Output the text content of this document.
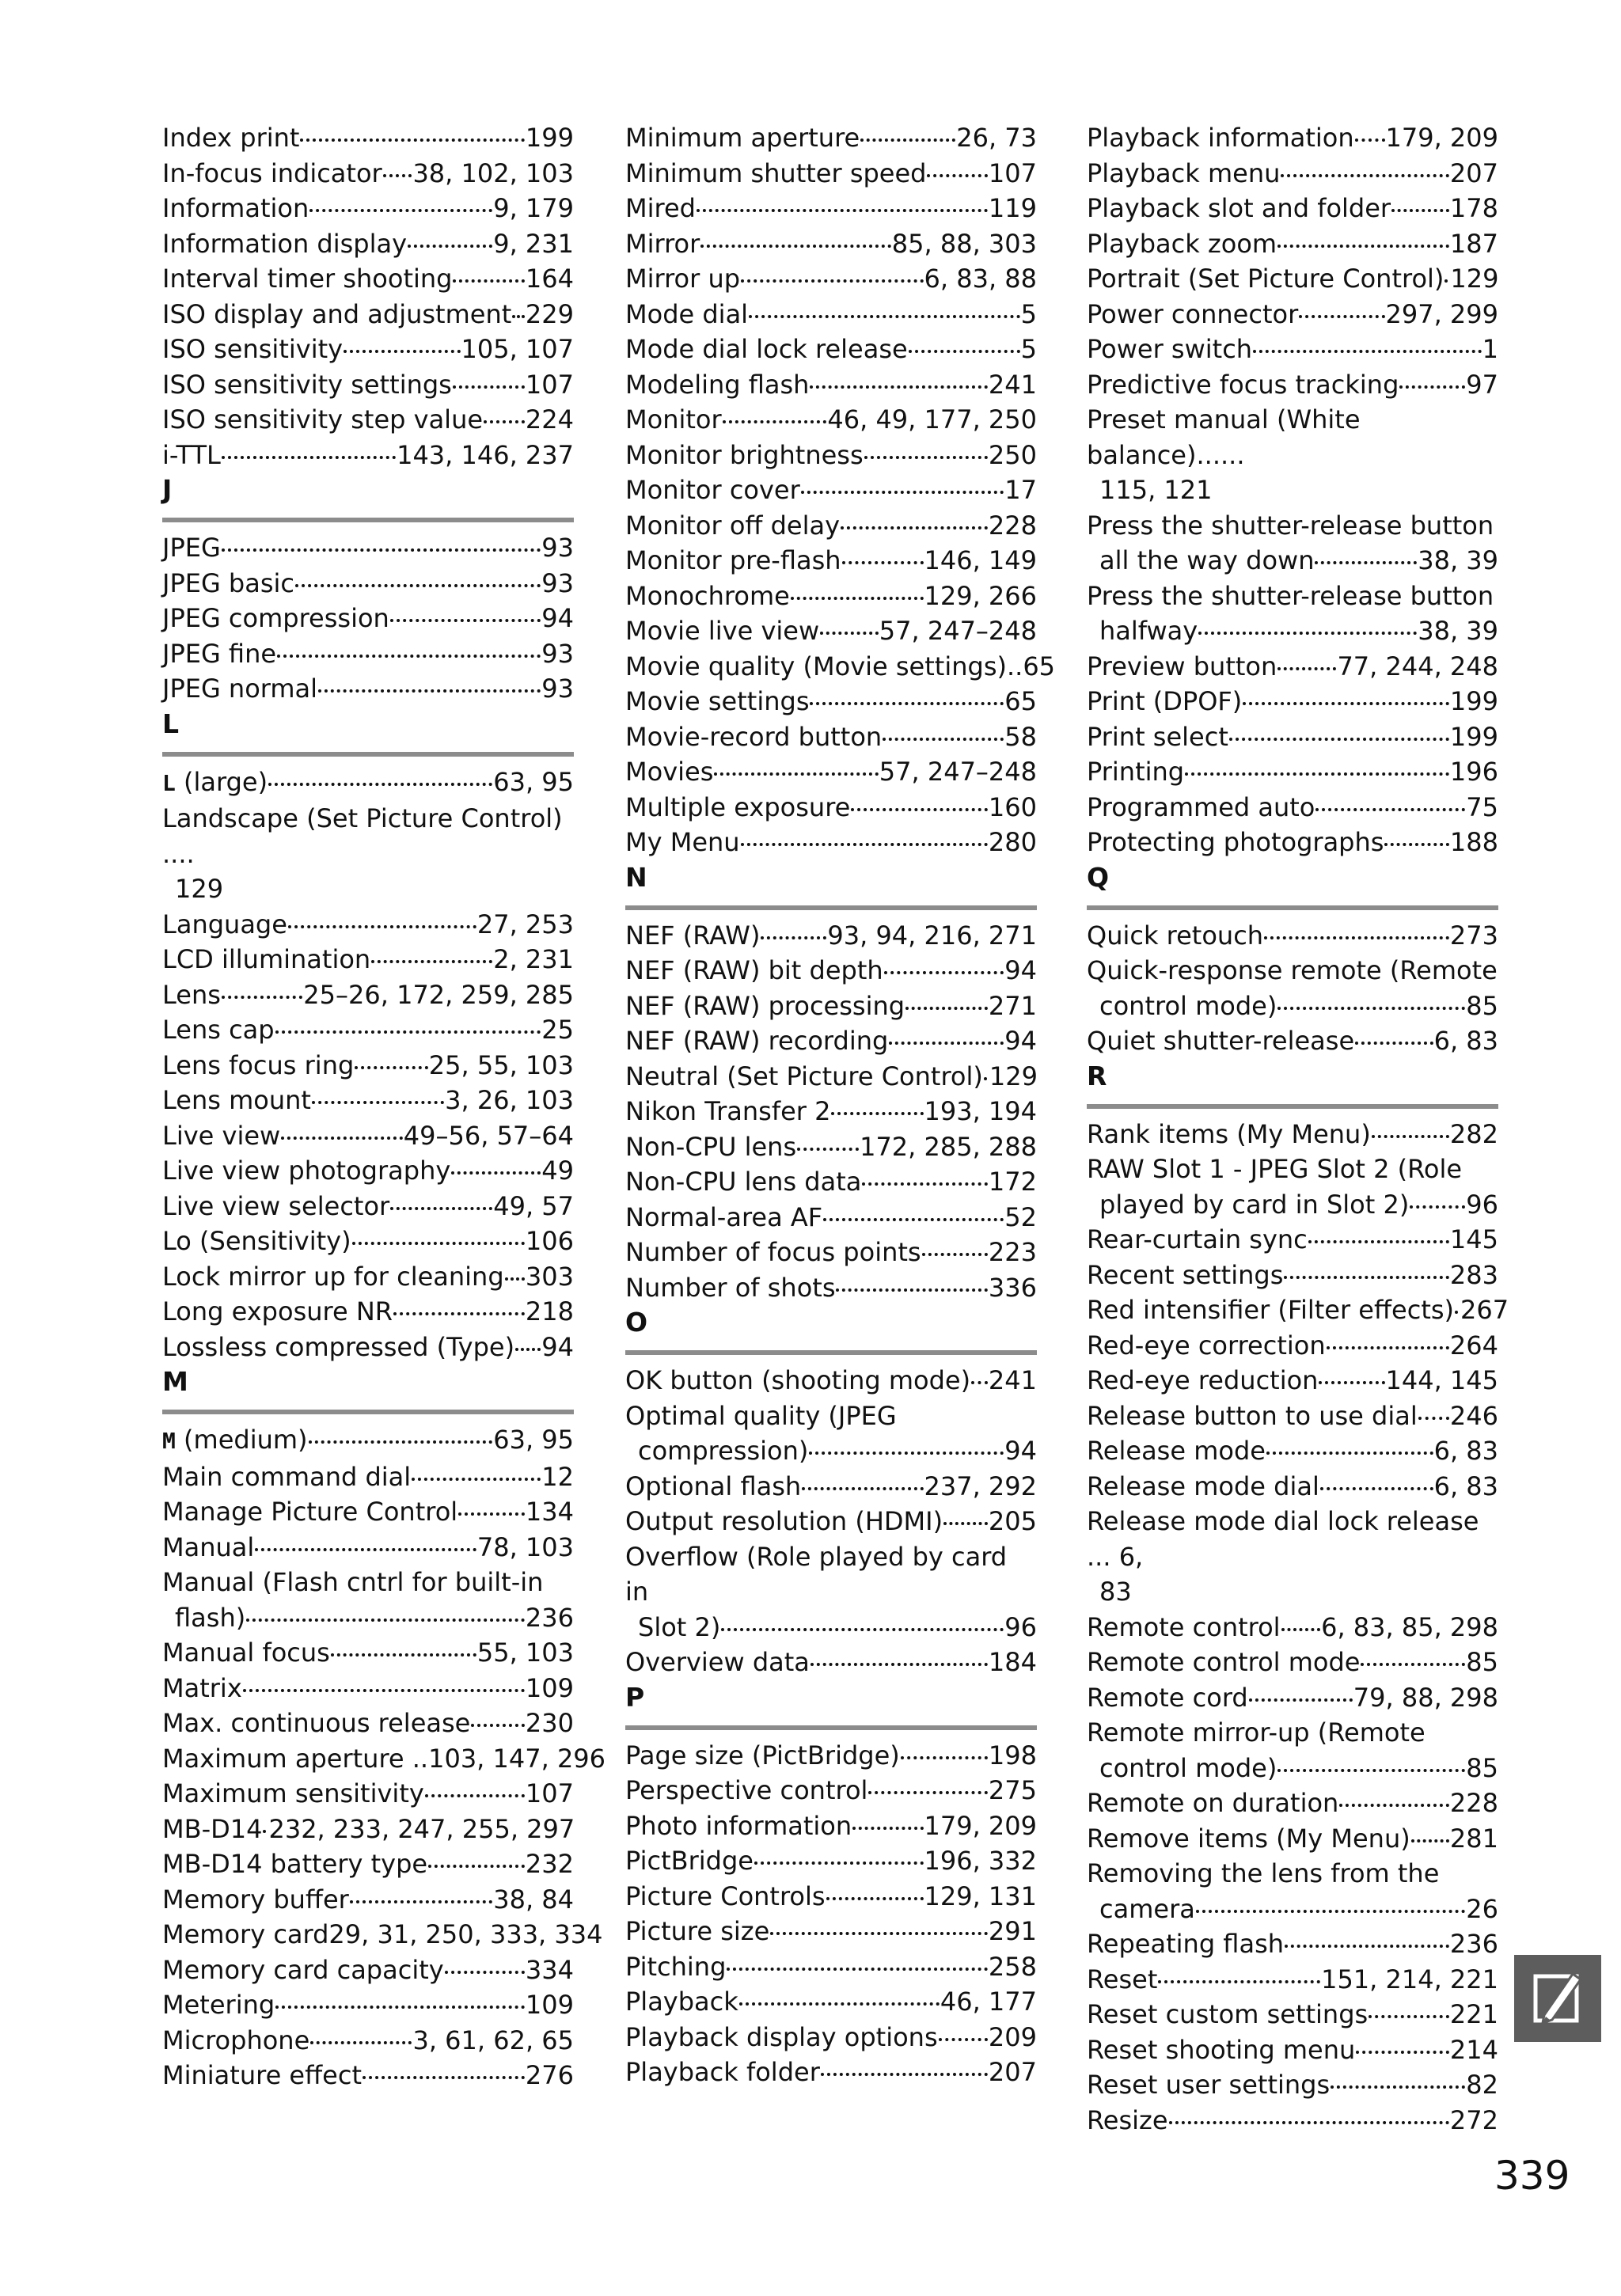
Index print	199
In-focus indicator 38, 102, 103
Information	9, 179
Information display	9, 231
Interval timer shooting	164
ISO display and adjustment 229
ISO sensitivity	105, 107
ISO sensitivity settings	107
ISO sensitivity step value 224
i-TTL	143, 146, 237
J
JPEG	93
JPEG basic	93
JPEG compression	94
JPEG fine	93
JPEG normal	93
L
L (large)	63, 95
Landscape (Set Picture Control) ....
129
Language	27, 253
LCD illumination	2, 231
Lens	25–26, 172, 259, 285
Lens cap	25
Lens focus ring	25, 55, 103
Lens mount	3, 26, 103
Live view	49–56, 57–64
Live view photography	49
Live view selector	49, 57
Lo (Sensitivity)	106
Lock mirror up for cleaning 303
Long exposure NR	218
Lossless compressed (Type) 94
M
M (medium)	63, 95
Main command dial	12
Manage Picture Control	134
Manual	78, 103
Manual (Flash cntrl for built-in
flash)	236
Manual focus	55, 103
Matrix	109
Max. continuous release 230
Maximum aperture .. 103, 147, 296
Maximum sensitivity	107
MB-D14 232, 233, 247, 255, 297
MB-D14 battery type	232
Memory buffer	38, 84
Memory card 29, 31, 250, 333, 334
Memory card capacity	334
Metering	109
Microphone	3, 61, 62, 65
Miniature effect	276
Minimum aperture	26, 73
Minimum shutter speed 107
Mired	119
Mirror	85, 88, 303
Mirror up	6, 83, 88
Mode dial	5
Mode dial lock release	5
Modeling flash	241
Monitor	46, 49, 177, 250
Monitor brightness	250
Monitor cover	17
Monitor off delay	228
Monitor pre-flash	146, 149
Monochrome	129, 266
Movie live view 57, 247–248
Movie quality (Movie settings).. 65
Movie settings	65
Movie-record button	58
Movies	57, 247–248
Multiple exposure	160
My Menu	280
N
NEF (RAW)	93, 94, 216, 271
NEF (RAW) bit depth	94
NEF (RAW) processing	271
NEF (RAW) recording	94
Neutral (Set Picture Control) 129
Nikon Transfer 2	193, 194
Non-CPU lens 172, 285, 288
Non-CPU lens data	172
Normal-area AF	52
Number of focus points	223
Number of shots	336
O
OK button (shooting mode) 241
Optimal quality (JPEG
compression)	94
Optional flash	237, 292
Output resolution (HDMI) 205
Overflow (Role played by card in
Slot 2)	96
Overview data	184
P
Page size (PictBridge)	198
Perspective control	275
Photo information	179, 209
PictBridge	196, 332
Picture Controls	129, 131
Picture size	291
Pitching	258
Playback	46, 177
Playback display options 209
Playback folder	207
Playback information 179, 209
Playback menu	207
Playback slot and folder 178
Playback zoom	187
Portrait (Set Picture Control) 129
Power connector	297, 299
Power switch	1
Predictive focus tracking	97
Preset manual (White balance)......
115, 121
Press the shutter-release button
all the way down	38, 39
Press the shutter-release button
halfway	38, 39
Preview button 77, 244, 248
Print (DPOF)	199
Print select	199
Printing	196
Programmed auto	75
Protecting photographs	188
Q
Quick retouch	273
Quick-response remote (Remote
control mode)	85
Quiet shutter-release	6, 83
R
Rank items (My Menu)	282
RAW Slot 1 - JPEG Slot 2 (Role
played by card in Slot 2) 96
Rear-curtain sync	145
Recent settings	283
Red intensifier (Filter effects) 267
Red-eye correction	264
Red-eye reduction	144, 145
Release button to use dial 246
Release mode	6, 83
Release mode dial	6, 83
Release mode dial lock release ... 6,
83
Remote control 6, 83, 85, 298
Remote control mode	85
Remote cord	79, 88, 298
Remote mirror-up (Remote
control mode)	85
Remote on duration	228
Remove items (My Menu) 281
Removing the lens from the
camera	26
Repeating flash	236
Reset	151, 214, 221
Reset custom settings	221
Reset shooting menu	214
Reset user settings	82
Resize	272
339
